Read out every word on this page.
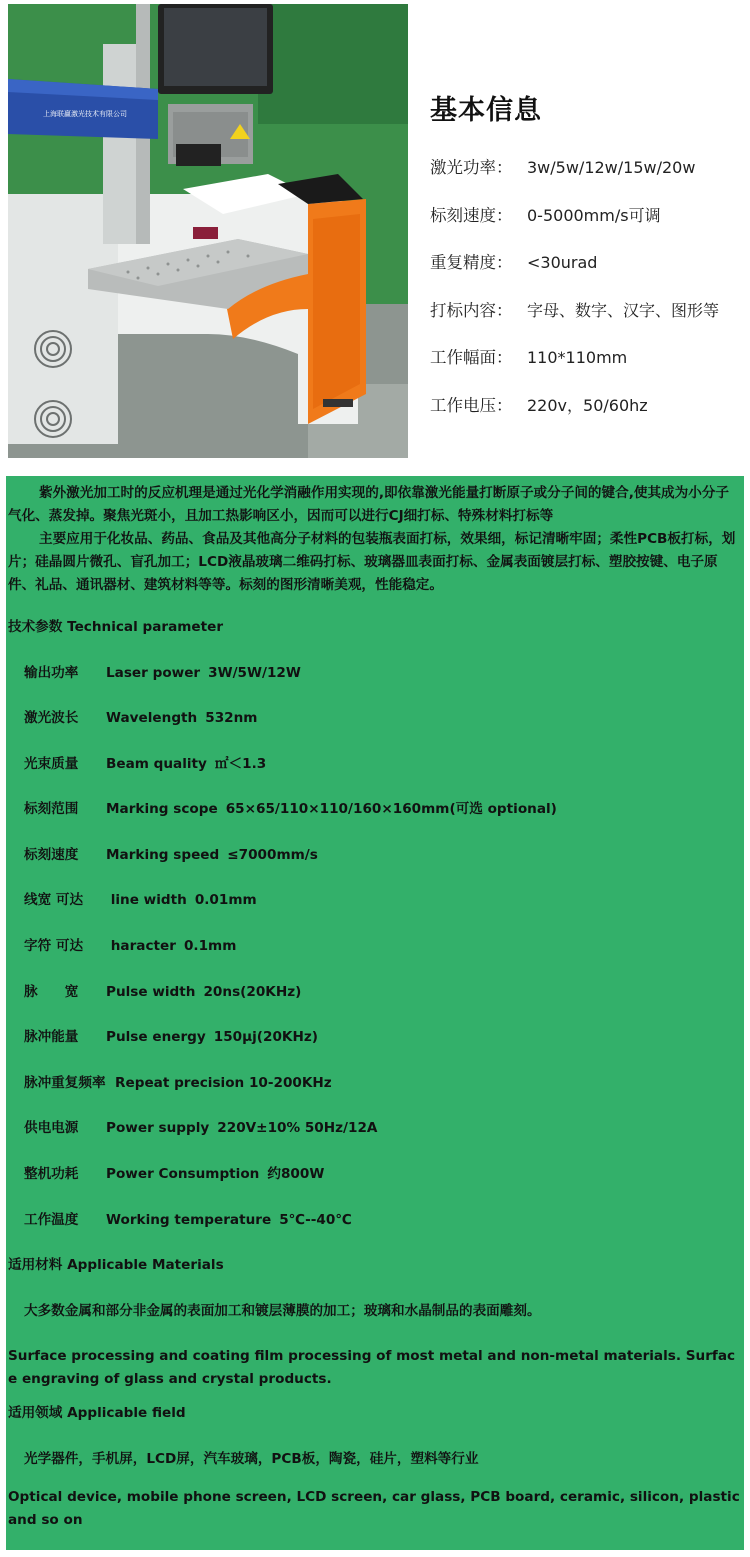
上海联赢激光技术有限公司	基本信息
激光功率： 3w/5w/12w/15w/20w
标刻速度： 0-5000mm/s可调
重复精度： <30urad
打标内容： 字母、数字、汉字、图形等
工作幅面： 110*110mm
工作电压： 220v，50/60hz

紫外激光加工时的反应机理是通过光化学消融作用实现的,即依靠激光能量打断原子或分子间的键合,使其成为小分子气化、蒸发掉。聚焦光斑小，且加工热影响区小，因而可以进行CJ细打标、特殊材料打标等

主要应用于化妆品、药品、食品及其他高分子材料的包装瓶表面打标，效果细，标记清晰牢固；柔性PCB板打标，划片；硅晶圆片微孔、盲孔加工；LCD液晶玻璃二维码打标、玻璃器皿表面打标、金属表面镀层打标、塑胶按键、电子原件、礼品、通讯器材、建筑材料等等。标刻的图形清晰美观，性能稳定。

技术参数 Technical parameter
输出功率 Laser power 3W/5W/12W
激光波长 Wavelength 532nm
光束质量 Beam quality ㎡＜1.3
标刻范围 Marking scope 65×65/110×110/160×160mm(可选 optional)
标刻速度 Marking speed ≤7000mm/s
线宽 可达 line width 0.01mm
字符 可达 haracter 0.1mm
脉　　宽 Pulse width 20ns(20KHz)
脉冲能量 Pulse energy 150μj(20KHz)
脉冲重复频率 Repeat precision 10-200KHz
供电电源 Power supply 220V±10% 50Hz/12A
整机功耗 Power Consumption 约800W
工作温度 Working temperature 5℃--40℃
适用材料 Applicable Materials
大多数金属和部分非金属的表面加工和镀层薄膜的加工；玻璃和水晶制品的表面雕刻。

Surface processing and coating film processing of most metal and non-metal materials. Surface engraving of glass and crystal products.

适用领域 Applicable field
光学器件，手机屏，LCD屏，汽车玻璃，PCB板，陶瓷，硅片，塑料等行业

Optical device, mobile phone screen, LCD screen, car glass, PCB board, ceramic, silicon, plastic and so on
